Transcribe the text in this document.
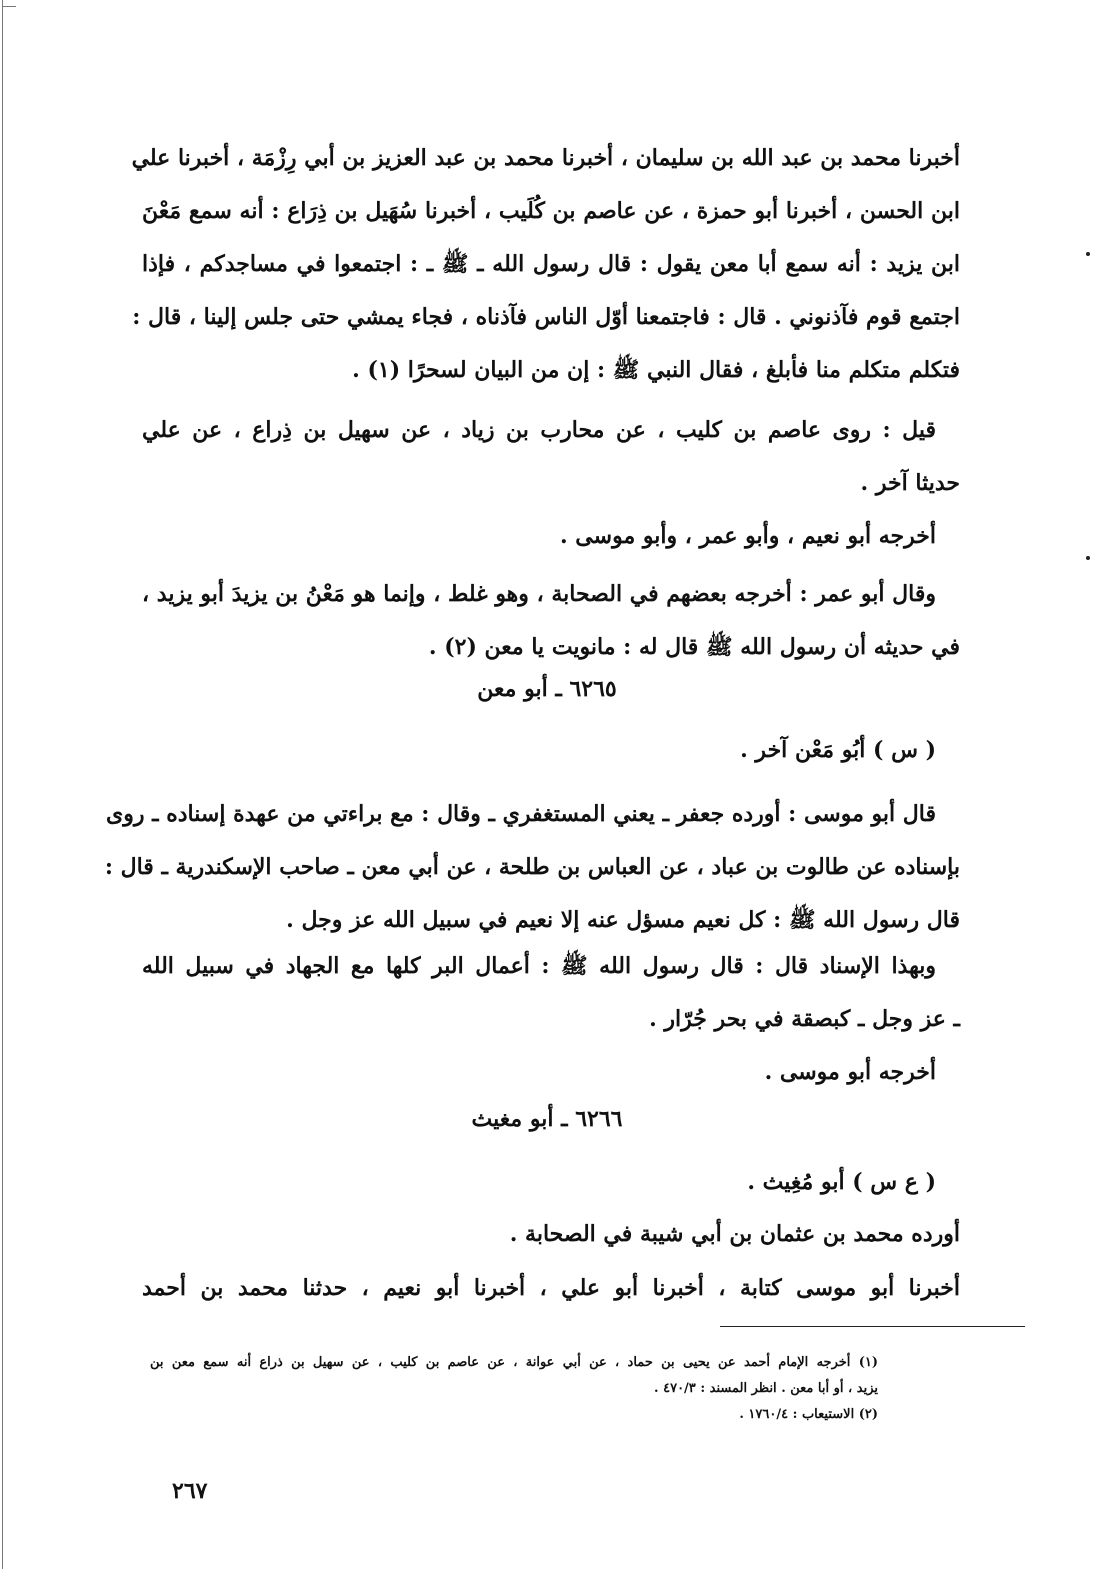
أخبرنا محمد بن عبد الله بن سليمان ، أخبرنا محمد بن عبد العزيز بن أبي رِزْمَة ، أخبرنا علي
ابن الحسن ، أخبرنا أبو حمزة ، عن عاصم بن كُلَيب ، أخبرنا سُهَيل بن ذِرَاع : أنه سمع مَعْنَ
ابن يزيد : أنه سمع أبا معن يقول : قال رسول الله ـ ﷺ ـ : اجتمعوا في مساجدكم ، فإذا
اجتمع قوم فآذنوني . قال : فاجتمعنا أوّل الناس فآذناه ، فجاء يمشي حتى جلس إلينا ، قال :
فتكلم متكلم منا فأبلغ ، فقال النبي ﷺ : إن من البيان لسحرًا (١) .
قيل : روى عاصم بن كليب ، عن محارب بن زياد ، عن سهيل بن ذِراع ، عن علي
حديثا آخر .
أخرجه أبو نعيم ، وأبو عمر ، وأبو موسى .
وقال أبو عمر : أخرجه بعضهم في الصحابة ، وهو غلط ، وإنما هو مَعْنُ بن يزيدَ أبو يزيد ،
في حديثه أن رسول الله ﷺ قال له : مانويت يا معن (٢) .
٦٢٦٥ ـ أبو معن
( س ) أبُو مَعْن آخر .
قال أبو موسى : أورده جعفر ـ يعني المستغفري ـ وقال : مع براءتي من عهدة إسناده ـ روى
بإسناده عن طالوت بن عباد ، عن العباس بن طلحة ، عن أبي معن ـ صاحب الإسكندرية ـ قال :
قال رسول الله ﷺ : كل نعيم مسؤل عنه إلا نعيم في سبيل الله عز وجل .
وبهذا الإسناد قال : قال رسول الله ﷺ : أعمال البر كلها مع الجهاد في سبيل الله
ـ عز وجل ـ كبصقة في بحر جُرّار .
أخرجه أبو موسى .
٦٢٦٦ ـ أبو مغيث
( ع س ) أبو مُغِيث .
أورده محمد بن عثمان بن أبي شيبة في الصحابة .
أخبرنا أبو موسى كتابة ، أخبرنا أبو علي ، أخبرنا أبو نعيم ، حدثنا محمد بن أحمد
(١) أخرجه الإمام أحمد عن يحيى بن حماد ، عن أبي عوانة ، عن عاصم بن كليب ، عن سهيل بن ذراع أنه سمع معن بن
يزيد ، أو أبا معن . انظر المسند : ٤٧٠/٣ .
(٢) الاستيعاب : ١٧٦٠/٤ .
٢٦٧
